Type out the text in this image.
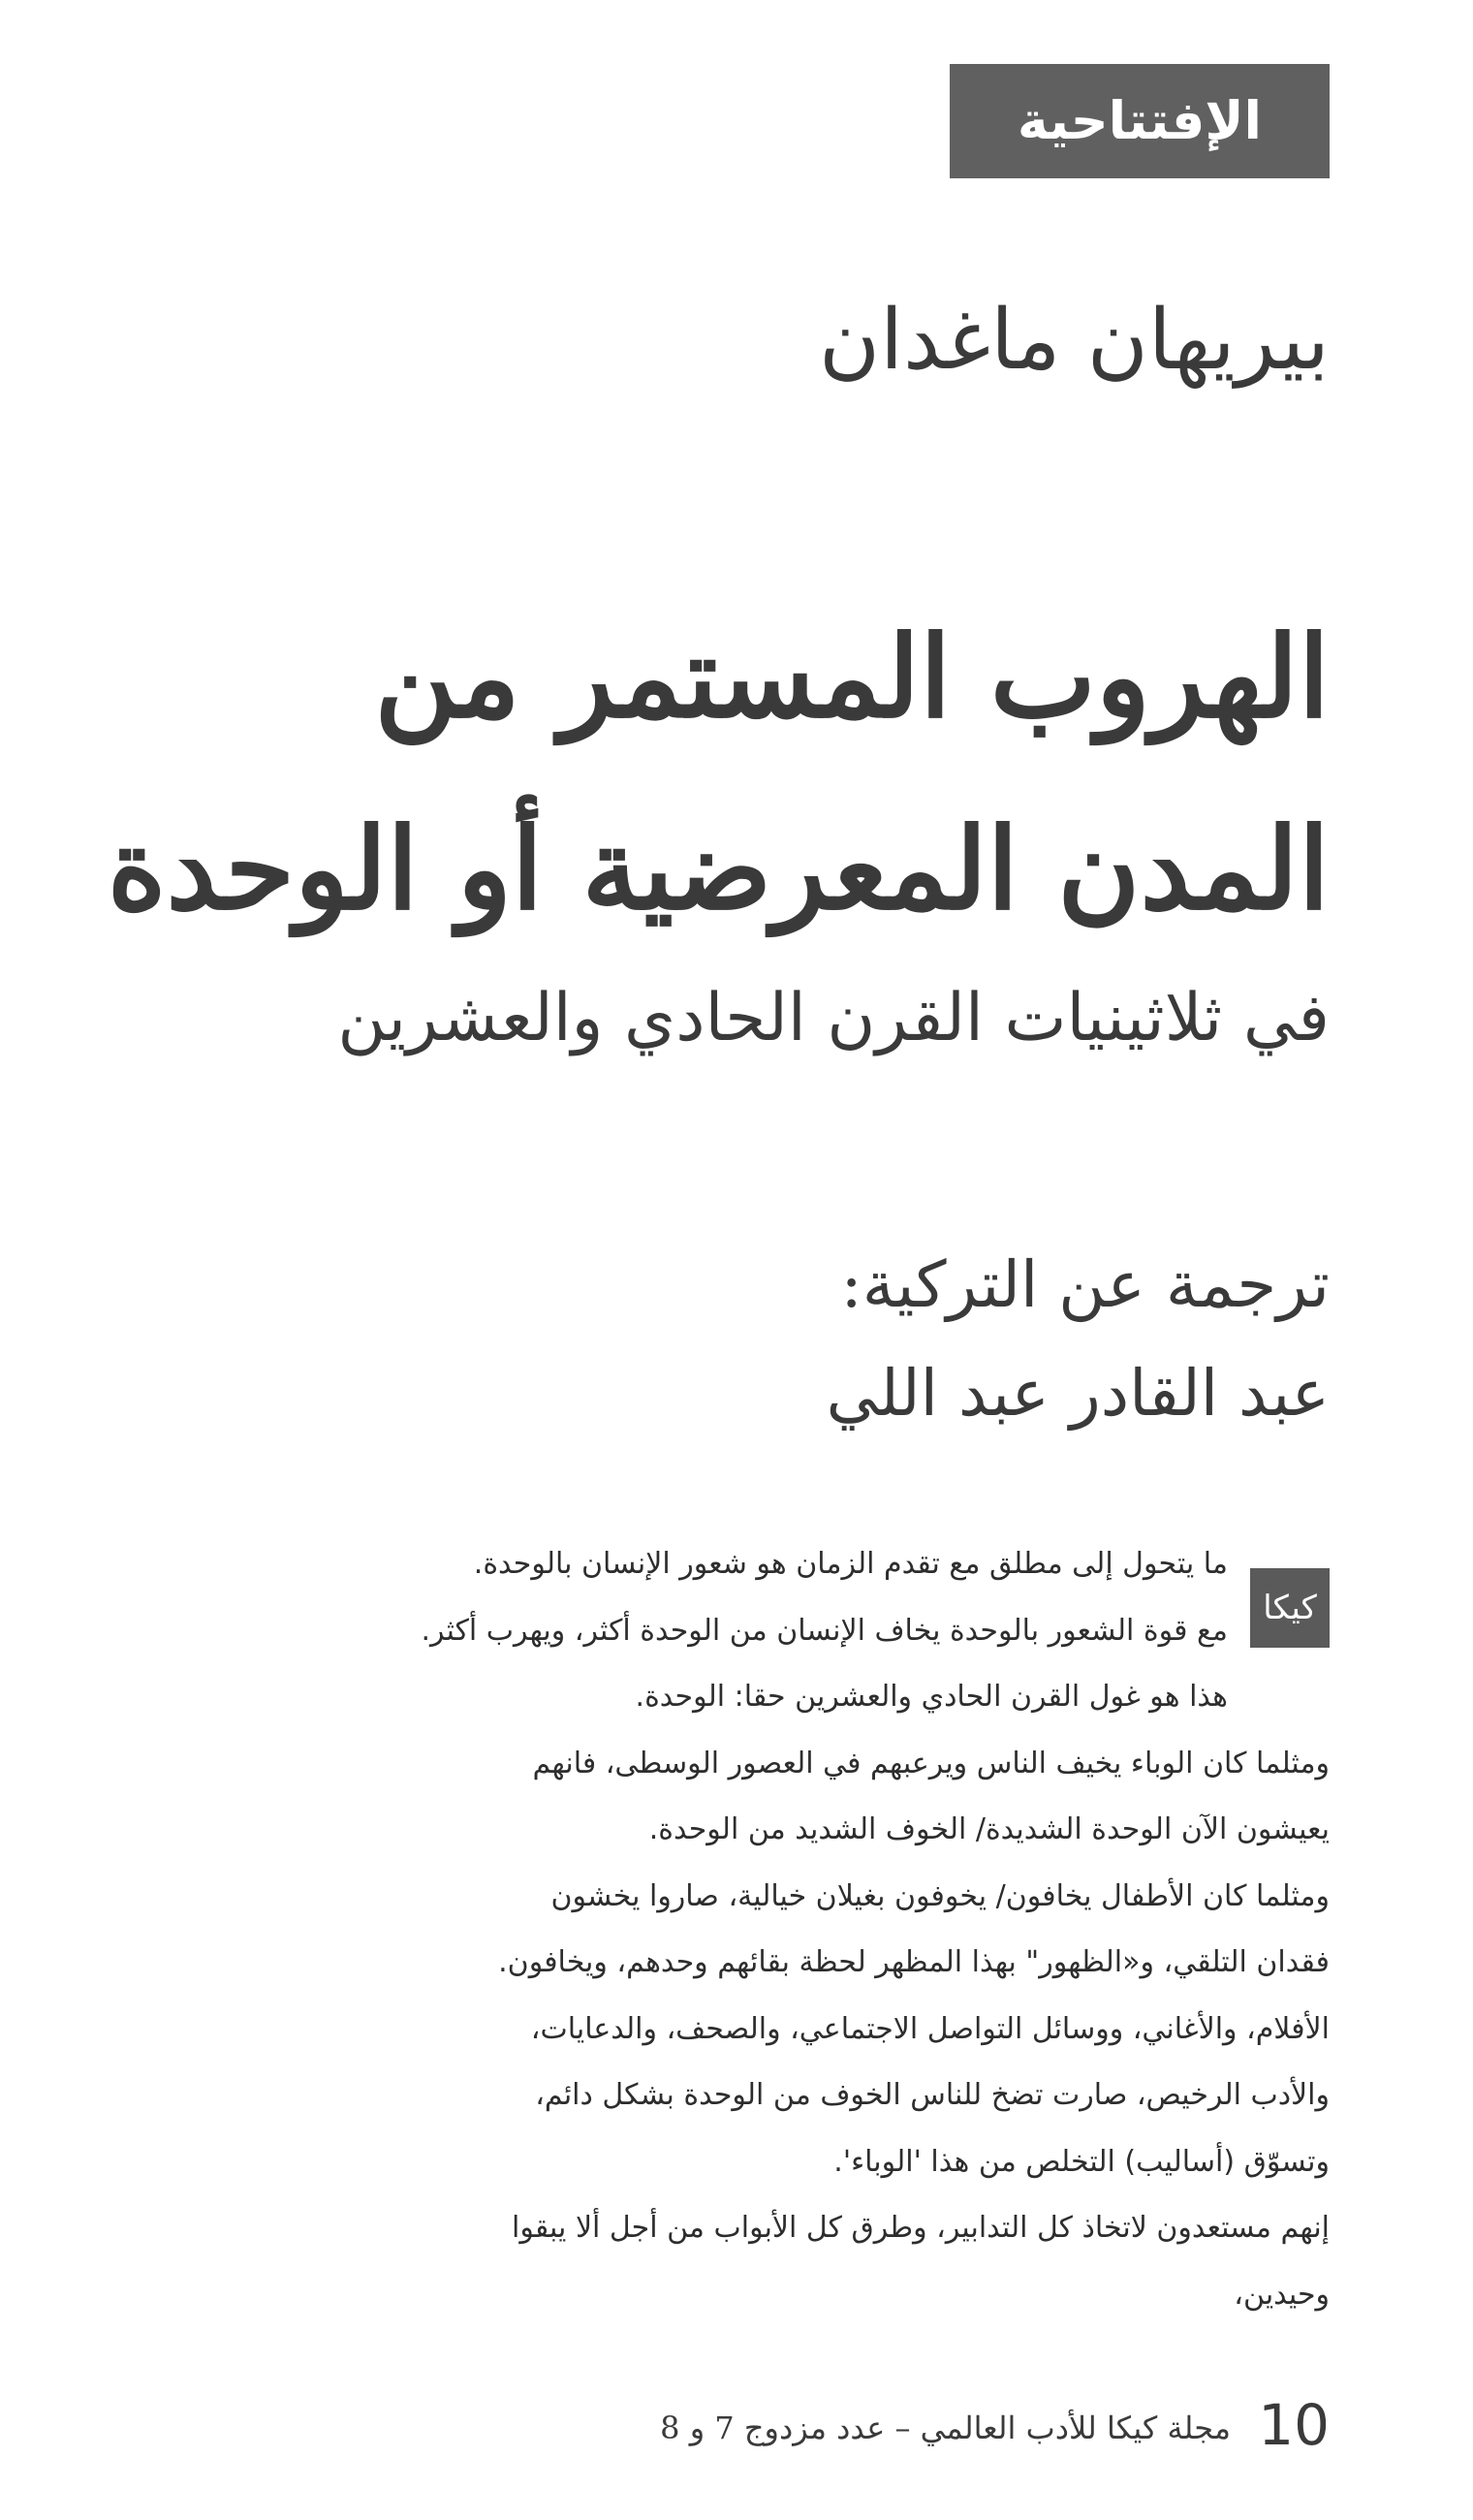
الإفتتاحية
بيريهان ماغدان
الهروب المستمر من
المدن المعرضية أو الوحدة
في ثلاثينيات القرن الحادي والعشرين
ترجمة عن التركية:
عبد القادر عبد اللي
كيكا

ما يتحول إلى مطلق مع تقدم الزمان هو شعور الإنسان بالوحدة.

مع قوة الشعور بالوحدة يخاف الإنسان من الوحدة أكثر، ويهرب أكثر.

هذا هو غول القرن الحادي والعشرين حقا: الوحدة.

ومثلما كان الوباء يخيف الناس ويرعبهم في العصور الوسطى، فانهم

يعيشون الآن الوحدة الشديدة/ الخوف الشديد من الوحدة.

ومثلما كان الأطفال يخافون/ يخوفون بغيلان خيالية، صاروا يخشون

فقدان التلقي، و«الظهور" بهذا المظهر لحظة بقائهم وحدهم، ويخافون.

الأفلام، والأغاني، ووسائل التواصل الاجتماعي، والصحف، والدعايات،

والأدب الرخيص، صارت تضخ للناس الخوف من الوحدة بشكل دائم،

وتسوّق (أساليب) التخلص من هذا 'الوباء'.

إنهم مستعدون لاتخاذ كل التدابير، وطرق كل الأبواب من أجل ألا يبقوا

وحيدين،

10
مجلة كيكا للأدب العالمي – عدد مزدوج 7 و 8
